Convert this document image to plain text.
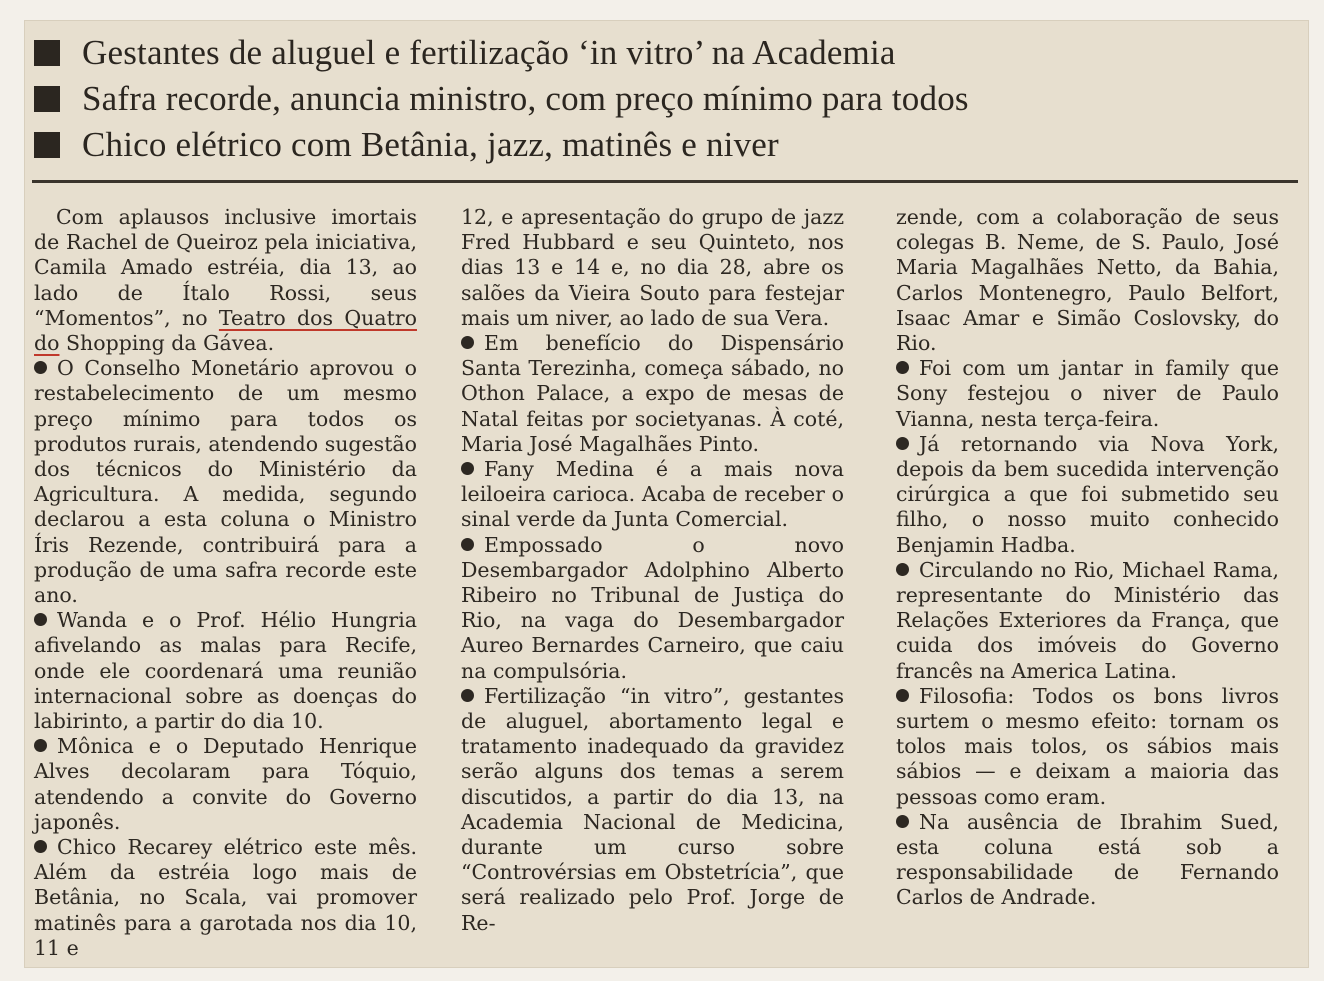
Gestantes de aluguel e fertilização ‘in vitro’ na Academia
Safra recorde, anuncia ministro, com preço mínimo para todos
Chico elétrico com Betânia, jazz, matinês e niver

Com aplausos inclusive imortais de Rachel de Queiroz pela iniciativa, Camila Amado estréia, dia 13, ao lado de Ítalo Rossi, seus “Momentos”, no Teatro dos Quatro do Shopping da Gávea.

O Conselho Monetário aprovou o restabelecimento de um mesmo preço mínimo para todos os produtos rurais, atendendo sugestão dos técnicos do Ministério da Agricultura. A medida, segundo declarou a esta coluna o Ministro Íris Rezende, contribuirá para a produção de uma safra recorde este ano.

Wanda e o Prof. Hélio Hungria afivelando as malas para Recife, onde ele coordenará uma reunião internacional sobre as doenças do labirinto, a partir do dia 10.

Mônica e o Deputado Henrique Alves decolaram para Tóquio, atendendo a convite do Governo japonês.

Chico Recarey elétrico este mês. Além da estréia logo mais de Betânia, no Scala, vai promover matinês para a garotada nos dia 10, 11 e

12, e apresentação do grupo de jazz Fred Hubbard e seu Quinteto, nos dias 13 e 14 e, no dia 28, abre os salões da Vieira Souto para festejar mais um niver, ao lado de sua Vera.

Em benefício do Dispensário Santa Terezinha, começa sábado, no Othon Palace, a expo de mesas de Natal feitas por societyanas. À coté, Maria José Magalhães Pinto.

Fany Medina é a mais nova leiloeira carioca. Acaba de receber o sinal verde da Junta Comercial.

Empossado o novo Desembargador Adolphino Alberto Ribeiro no Tribunal de Justiça do Rio, na vaga do Desembargador Aureo Bernardes Carneiro, que caiu na compulsória.

Fertilização “in vitro”, gestantes de aluguel, abortamento legal e tratamento inadequado da gravidez serão alguns dos temas a serem discutidos, a partir do dia 13, na Academia Nacional de Medicina, durante um curso sobre “Controvérsias em Obstetrícia”, que será realizado pelo Prof. Jorge de Re-

zende, com a colaboração de seus colegas B. Neme, de S. Paulo, José Maria Magalhães Netto, da Bahia, Carlos Montenegro, Paulo Belfort, Isaac Amar e Simão Coslovsky, do Rio.

Foi com um jantar in family que Sony festejou o niver de Paulo Vianna, nesta terça-feira.

Já retornando via Nova York, depois da bem sucedida intervenção cirúrgica a que foi submetido seu filho, o nosso muito conhecido Benjamin Hadba.

Circulando no Rio, Michael Rama, representante do Ministério das Relações Exteriores da França, que cuida dos imóveis do Governo francês na America Latina.

Filosofia: Todos os bons livros surtem o mesmo efeito: tornam os tolos mais tolos, os sábios mais sábios — e deixam a maioria das pessoas como eram.

Na ausência de Ibrahim Sued, esta coluna está sob a responsabilidade de Fernando Carlos de Andrade.
